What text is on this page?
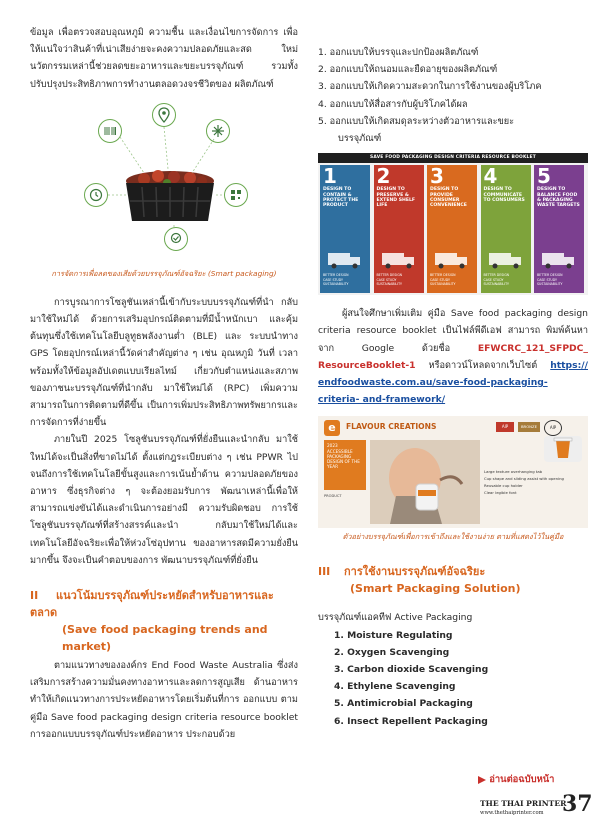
ข้อมูล เพื่อตรวจสอบอุณหภูมิ ความชื้น และเงื่อนไขการจัดการ เพื่อให้แน่ใจว่าสินค้าที่เน่าเสียง่ายจะคงความปลอดภัยและสด ใหม่ นวัตกรรมเหล่านี้ช่วยลดขยะอาหารและขยะบรรจุภัณฑ์ รวมทั้งปรับปรุงประสิทธิภาพการทำงานตลอดวงจรชีวิตของ ผลิตภัณฑ์

การจัดการเพื่อลดของเสียด้วยบรรจุภัณฑ์อัจฉริยะ (Smart packaging)

การบูรณาการโซลูชันเหล่านี้เข้ากับระบบบรรจุภัณฑ์ที่นำ กลับมาใช้ใหม่ได้ ด้วยการเสริมอุปกรณ์ติดตามที่มีน้ำหนักเบา และคุ้มต้นทุนซึ่งใช้เทคโนโลยีบลูทูธพลังงานต่ำ (BLE) และ ระบบนำทาง GPS โดยอุปกรณ์เหล่านี้วัดค่าสำคัญต่าง ๆ เช่น อุณหภูมิ วันที่ เวลา พร้อมทั้งให้ข้อมูลอัปเดตแบบเรียลไทม์ เกี่ยวกับตำแหน่งและสภาพของภาชนะบรรจุภัณฑ์ที่นำกลับ มาใช้ใหม่ได้ (RPC) เพิ่มความสามารถในการติดตามที่ดีขึ้น เป็นการเพิ่มประสิทธิภาพทรัพยากรและการจัดการที่ง่ายขึ้น

ภายในปี 2025 โซลูชันบรรจุภัณฑ์ที่ยั่งยืนและนำกลับ มาใช้ใหม่ได้จะเป็นสิ่งที่ขาดไม่ได้ ตั้งแต่กฎระเบียบต่าง ๆ เช่น PPWR ไปจนถึงการใช้เทคโนโลยีขั้นสูงและการเน้นย้ำด้าน ความปลอดภัยของอาหาร ซึ่งธุรกิจต่าง ๆ จะต้องยอมรับการ พัฒนาเหล่านี้เพื่อให้สามารถแข่งขันได้และดำเนินการอย่างมี ความรับผิดชอบ การใช้โซลูชันบรรจุภัณฑ์ที่สร้างสรรค์และนำ กลับมาใช้ใหม่ได้และเทคโนโลยีอัจฉริยะเพื่อให้ห่วงโซ่อุปทาน ของอาหารสดมีความยั่งยืนมากขึ้น จึงจะเป็นคำตอบของการ พัฒนาบรรจุภัณฑ์ที่ยั่งยืน

II แนวโน้มบรรจุภัณฑ์ประหยัดสำหรับอาหารและตลาด
(Save food packaging trends and market)

ตามแนวทางขององค์กร End Food Waste Australia ซึ่งส่งเสริมการสร้างความมั่นคงทางอาหารและลดการสูญเสีย ด้านอาหาร ทำให้เกิดแนวทางการประหยัดอาหารโดยเริ่มต้นที่การ ออกแบบ ตามคู่มือ Save food packaging design criteria resource booklet การออกแบบบรรจุภัณฑ์ประหยัดอาหาร ประกอบด้วย

1. ออกแบบให้บรรจุและปกป้องผลิตภัณฑ์
2. ออกแบบให้ถนอมและยืดอายุของผลิตภัณฑ์
3. ออกแบบให้เกิดความสะดวกในการใช้งานของผู้บริโภค
4. ออกแบบให้สื่อสารกับผู้บริโภคได้ผล
5. ออกแบบให้เกิดสมดุลระหว่างตัวอาหารและขยะ
บรรจุภัณฑ์
SAVE FOOD PACKAGING DESIGN CRITERIA RESOURCE BOOKLET
1
DESIGN TO CONTAIN & PROTECT THE PRODUCT
BETTER DESIGN
CASE STUDY
SUSTAINABILITY
2
DESIGN TO PRESERVE & EXTEND SHELF LIFE
BETTER DESIGN
CASE STUDY
SUSTAINABILITY
3
DESIGN TO PROVIDE CONSUMER CONVENIENCE
BETTER DESIGN
CASE STUDY
SUSTAINABILITY
4
DESIGN TO COMMUNICATE TO CONSUMERS
BETTER DESIGN
CASE STUDY
SUSTAINABILITY
5
DESIGN TO BALANCE FOOD & PACKAGING WASTE TARGETS
BETTER DESIGN
CASE STUDY
SUSTAINABILITY

ผู้สนใจศึกษาเพิ่มเติม คู่มือ Save food packaging design criteria resource booklet เป็นไฟล์พีดีเอฟ สามารถ พิมพ์ค้นหาจาก Google ด้วยชื่อ	EFWCRC_121_SFPDC_ ResourceBooklet-1 หรือดาวน์โหลดจากเว็บไซต์ https:// endfoodwaste.com.au/save-food-packaging-criteria- and-framework/

e	FLAVOUR CREATIONS
2023 ACCESSIBLE PACKAGING DESIGN OF THE YEAR
PRODUCT
AIP	BRONZE	AIP
Large texture overhanging tab
Cup shape and sliding assist with opening
Reusable cup holder
Clear legible font

ตัวอย่างบรรจุภัณฑ์เพื่อการเข้าถึงและใช้งานง่าย ตามที่แสดงไว้ในคู่มือ

III การใช้งานบรรจุภัณฑ์อัจฉริยะ
(Smart Packaging Solution)

บรรจุภัณฑ์แอคทีฟ Active Packaging

1. Moisture Regulating
2. Oxygen Scavenging
3. Carbon dioxide Scavenging
4. Ethylene Scavenging
5. Antimicrobial Packaging
6. Insect Repellent Packaging
อ่านต่อฉบับหน้า
THE THAI PRINTER
www.thethaiprinter.com 37
